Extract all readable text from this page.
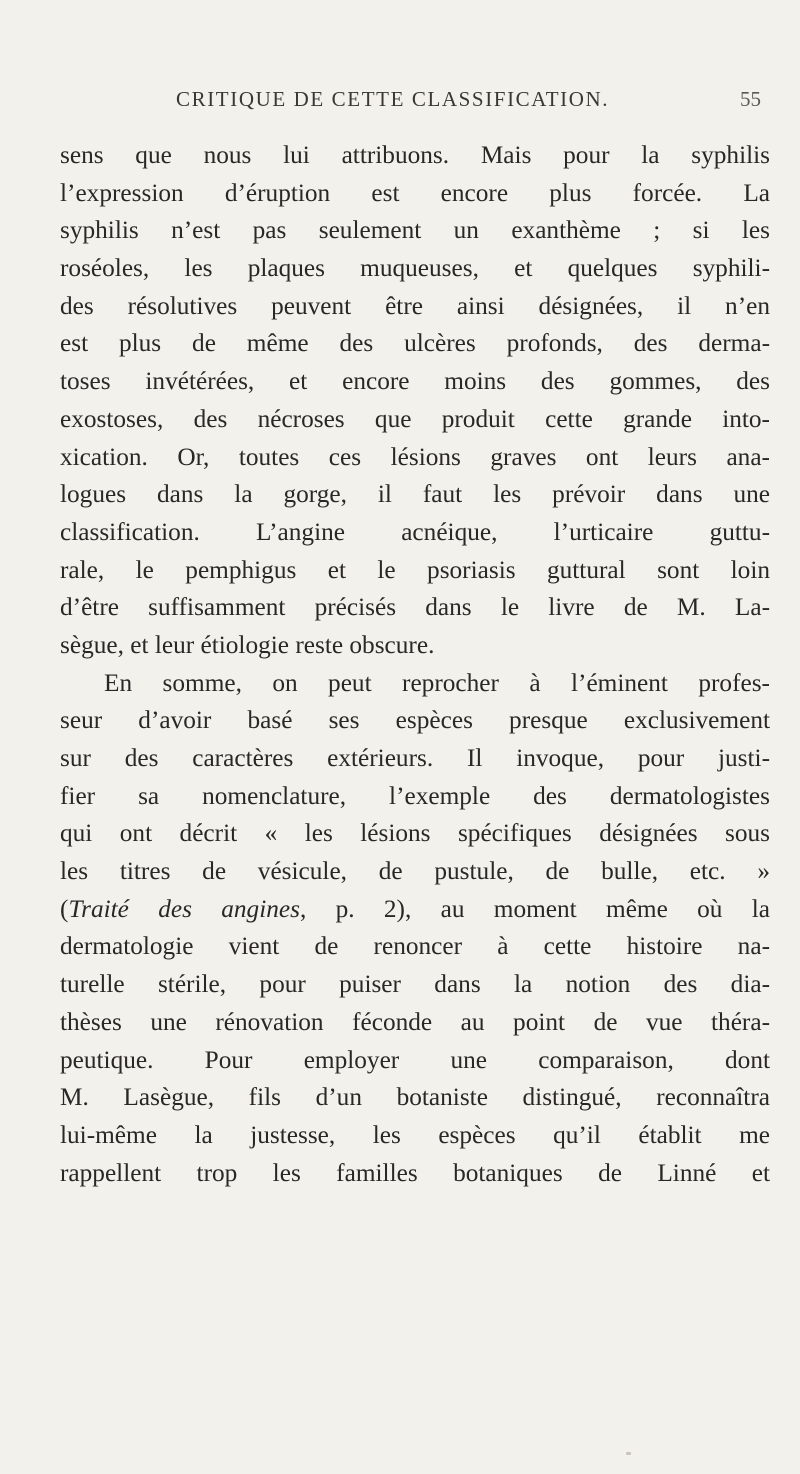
CRITIQUE DE CETTE CLASSIFICATION.	55
sens que nous lui attribuons. Mais pour la syphilis
l’expression d’éruption est encore plus forcée. La
syphilis n’est pas seulement un exanthème ; si les
roséoles, les plaques muqueuses, et quelques syphili-
des résolutives peuvent être ainsi désignées, il n’en
est plus de même des ulcères profonds, des derma-
toses invétérées, et encore moins des gommes, des
exostoses, des nécroses que produit cette grande into-
xication. Or, toutes ces lésions graves ont leurs ana-
logues dans la gorge, il faut les prévoir dans une
classification. L’angine acnéique, l’urticaire guttu-
rale, le pemphigus et le psoriasis guttural sont loin
d’être suffisamment précisés dans le livre de M. La-
sègue, et leur étiologie reste obscure.
En somme, on peut reprocher à l’éminent profes-
seur d’avoir basé ses espèces presque exclusivement
sur des caractères extérieurs. Il invoque, pour justi-
fier sa nomenclature, l’exemple des dermatologistes
qui ont décrit « les lésions spécifiques désignées sous
les titres de vésicule, de pustule, de bulle, etc. »
(Traité des angines, p. 2), au moment même où la
dermatologie vient de renoncer à cette histoire na-
turelle stérile, pour puiser dans la notion des dia-
thèses une rénovation féconde au point de vue théra-
peutique. Pour employer une comparaison, dont
M. Lasègue, fils d’un botaniste distingué, reconnaîtra
lui-même la justesse, les espèces qu’il établit me
rappellent trop les familles botaniques de Linné et
